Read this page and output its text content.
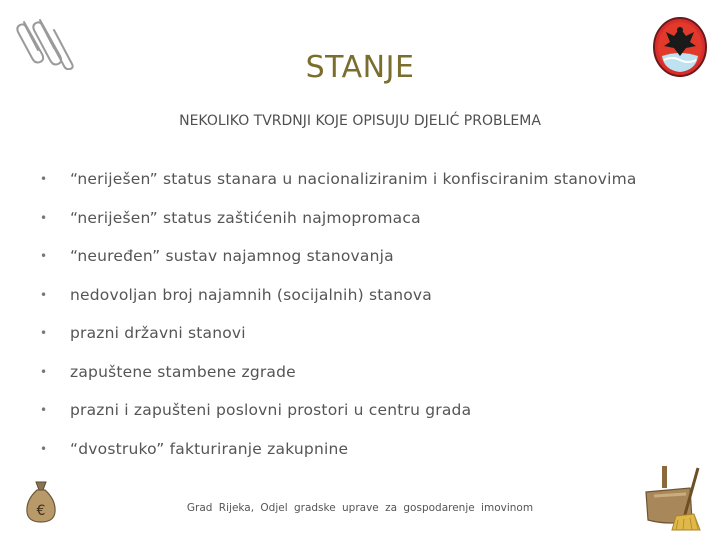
STANJE
NEKOLIKO TVRDNJI KOJE OPISUJU DJELIĆ PROBLEMA
• “neriješen” status stanara u nacionaliziranim i konfisciranim stanovima
• “neriješen” status zaštićenih najmopromaca
• “neuređen” sustav najamnog stanovanja
• nedovoljan broj najamnih (socijalnih) stanova
• prazni državni stanovi
• zapuštene stambene zgrade
• prazni i zapušteni poslovni prostori u centru grada
• “dvostruko” fakturiranje zakupnine
€	Grad Rijeka, Odjel gradske uprave za gospodarenje imovinom
